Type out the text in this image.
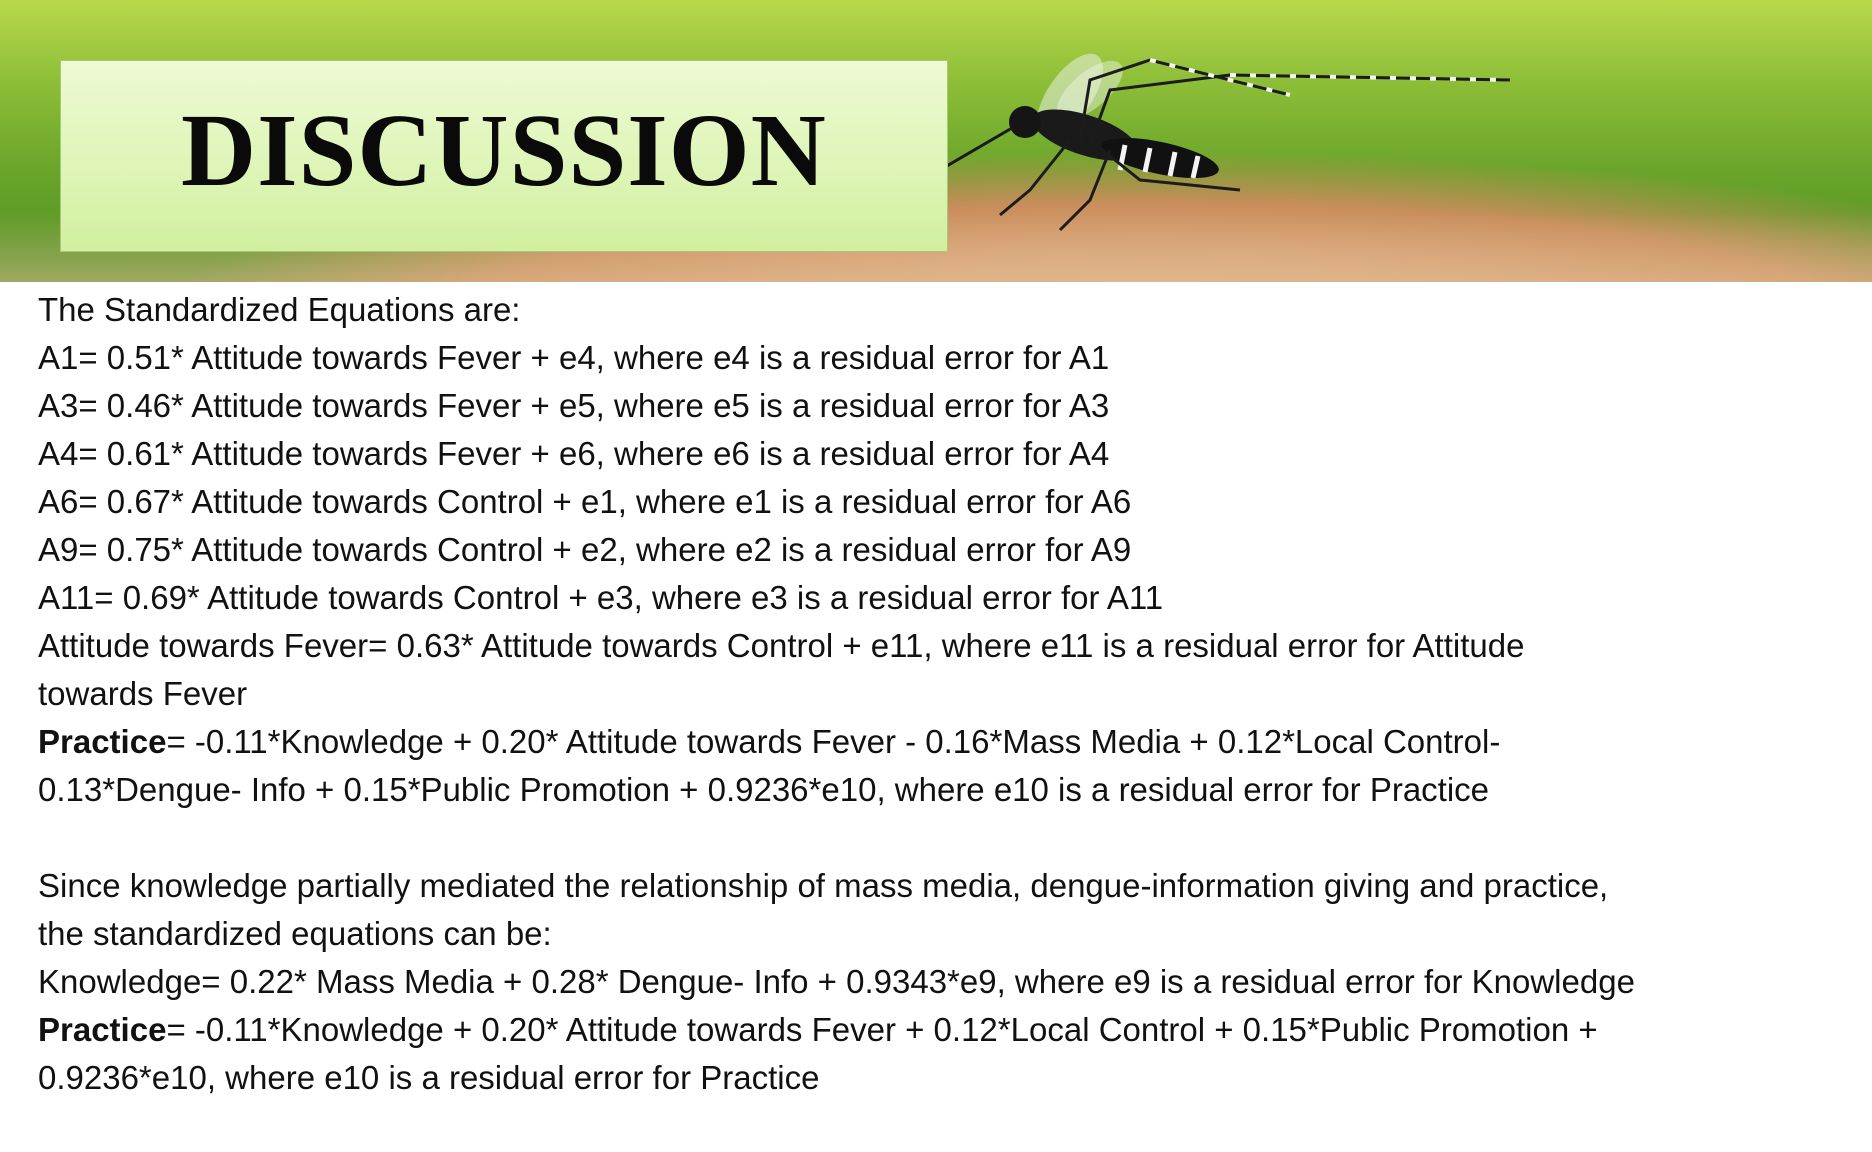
DISCUSSION
The Standardized Equations are:
A1= 0.51* Attitude towards Fever + e4, where e4 is a residual error for A1
A3= 0.46* Attitude towards Fever + e5, where e5 is a residual error for A3
A4= 0.61* Attitude towards Fever + e6, where e6 is a residual error for A4
A6= 0.67* Attitude towards Control + e1, where e1 is a residual error for A6
A9= 0.75* Attitude towards Control + e2, where e2 is a residual error for A9
A11= 0.69* Attitude towards Control + e3, where e3 is a residual error for A11
Attitude towards Fever= 0.63* Attitude towards Control + e11, where e11 is a residual error for Attitude
towards Fever
Practice= -0.11*Knowledge + 0.20* Attitude towards Fever - 0.16*Mass Media + 0.12*Local Control-
0.13*Dengue- Info + 0.15*Public Promotion + 0.9236*e10, where e10 is a residual error for Practice
Since knowledge partially mediated the relationship of mass media, dengue-information giving and practice,
the standardized equations can be:
Knowledge= 0.22* Mass Media + 0.28* Dengue- Info + 0.9343*e9, where e9 is a residual error for Knowledge
Practice= -0.11*Knowledge + 0.20* Attitude towards Fever + 0.12*Local Control + 0.15*Public Promotion +
0.9236*e10, where e10 is a residual error for Practice
